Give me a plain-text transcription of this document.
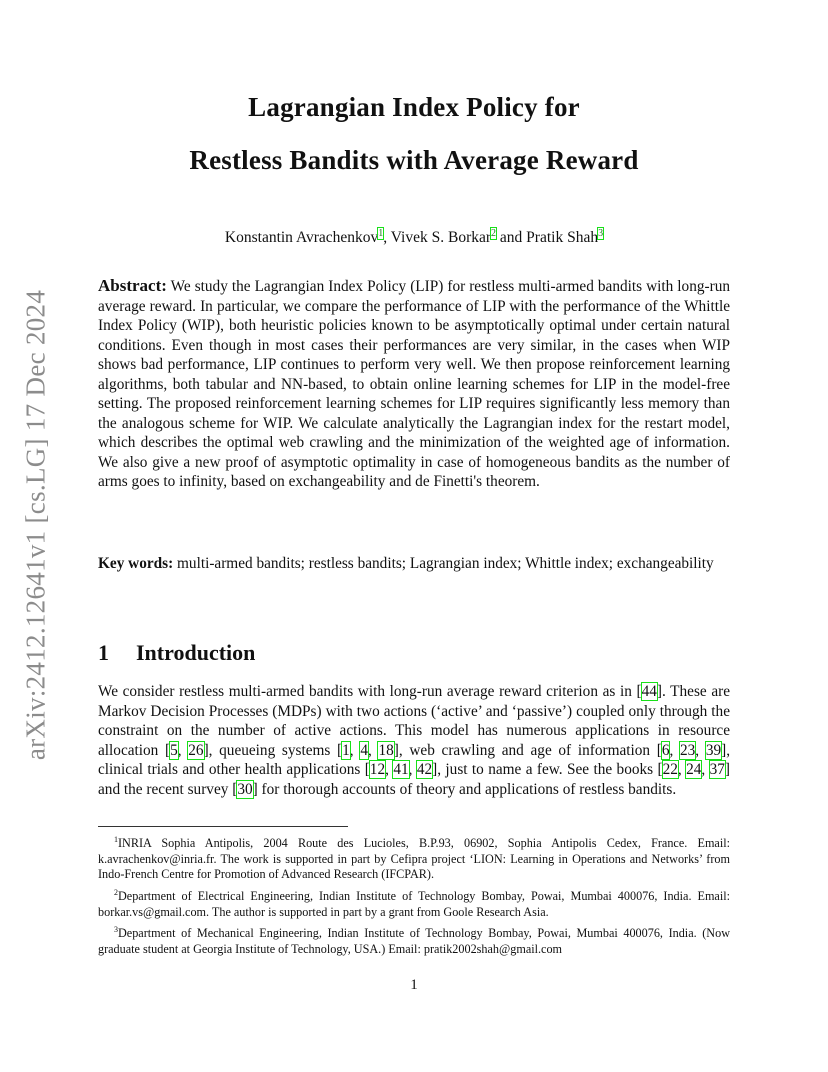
arXiv:2412.12641v1 [cs.LG] 17 Dec 2024
Lagrangian Index Policy for
Restless Bandits with Average Reward
Konstantin Avrachenkov$^1$, Vivek S. Borkar$^2$ and Pratik Shah$^3$
Abstract: We study the Lagrangian Index Policy (LIP) for restless multi-armed bandits with long-run average reward. In particular, we compare the performance of LIP with the performance of the Whittle Index Policy (WIP), both heuristic policies known to be asymptotically optimal under certain natural conditions. Even though in most cases their performances are very similar, in the cases when WIP shows bad performance, LIP continues to perform very well. We then propose reinforcement learning algorithms, both tabular and NN-based, to obtain online learning schemes for LIP in the model-free setting. The proposed reinforcement learning schemes for LIP requires significantly less memory than the analogous scheme for WIP. We calculate analytically the Lagrangian index for the restart model, which describes the optimal web crawling and the minimization of the weighted age of information. We also give a new proof of asymptotic optimality in case of homogeneous bandits as the number of arms goes to infinity, based on exchangeability and de Finetti's theorem.
Key words: multi-armed bandits; restless bandits; Lagrangian index; Whittle index; exchangeability
1 Introduction
We consider restless multi-armed bandits with long-run average reward criterion as in [44]. These are Markov Decision Processes (MDPs) with two actions (‘active’ and ‘passive’) coupled only through the constraint on the number of active actions. This model has numerous applications in resource allocation [5, 26], queueing systems [1, 4, 18], web crawling and age of information [6, 23, 39], clinical trials and other health applications [12, 41, 42], just to name a few. See the books [22, 24, 37] and the recent survey [30] for thorough accounts of theory and applications of restless bandits.

$^1$INRIA Sophia Antipolis, 2004 Route des Lucioles, B.P.93, 06902, Sophia Antipolis Cedex, France. Email: k.avrachenkov@inria.fr. The work is supported in part by Cefipra project ‘LION: Learning in Operations and Networks’ from Indo-French Centre for Promotion of Advanced Research (IFCPAR).

$^2$Department of Electrical Engineering, Indian Institute of Technology Bombay, Powai, Mumbai 400076, India. Email: borkar.vs@gmail.com. The author is supported in part by a grant from Goole Research Asia.

$^3$Department of Mechanical Engineering, Indian Institute of Technology Bombay, Powai, Mumbai 400076, India. (Now graduate student at Georgia Institute of Technology, USA.) Email: pratik2002shah@gmail.com

1
